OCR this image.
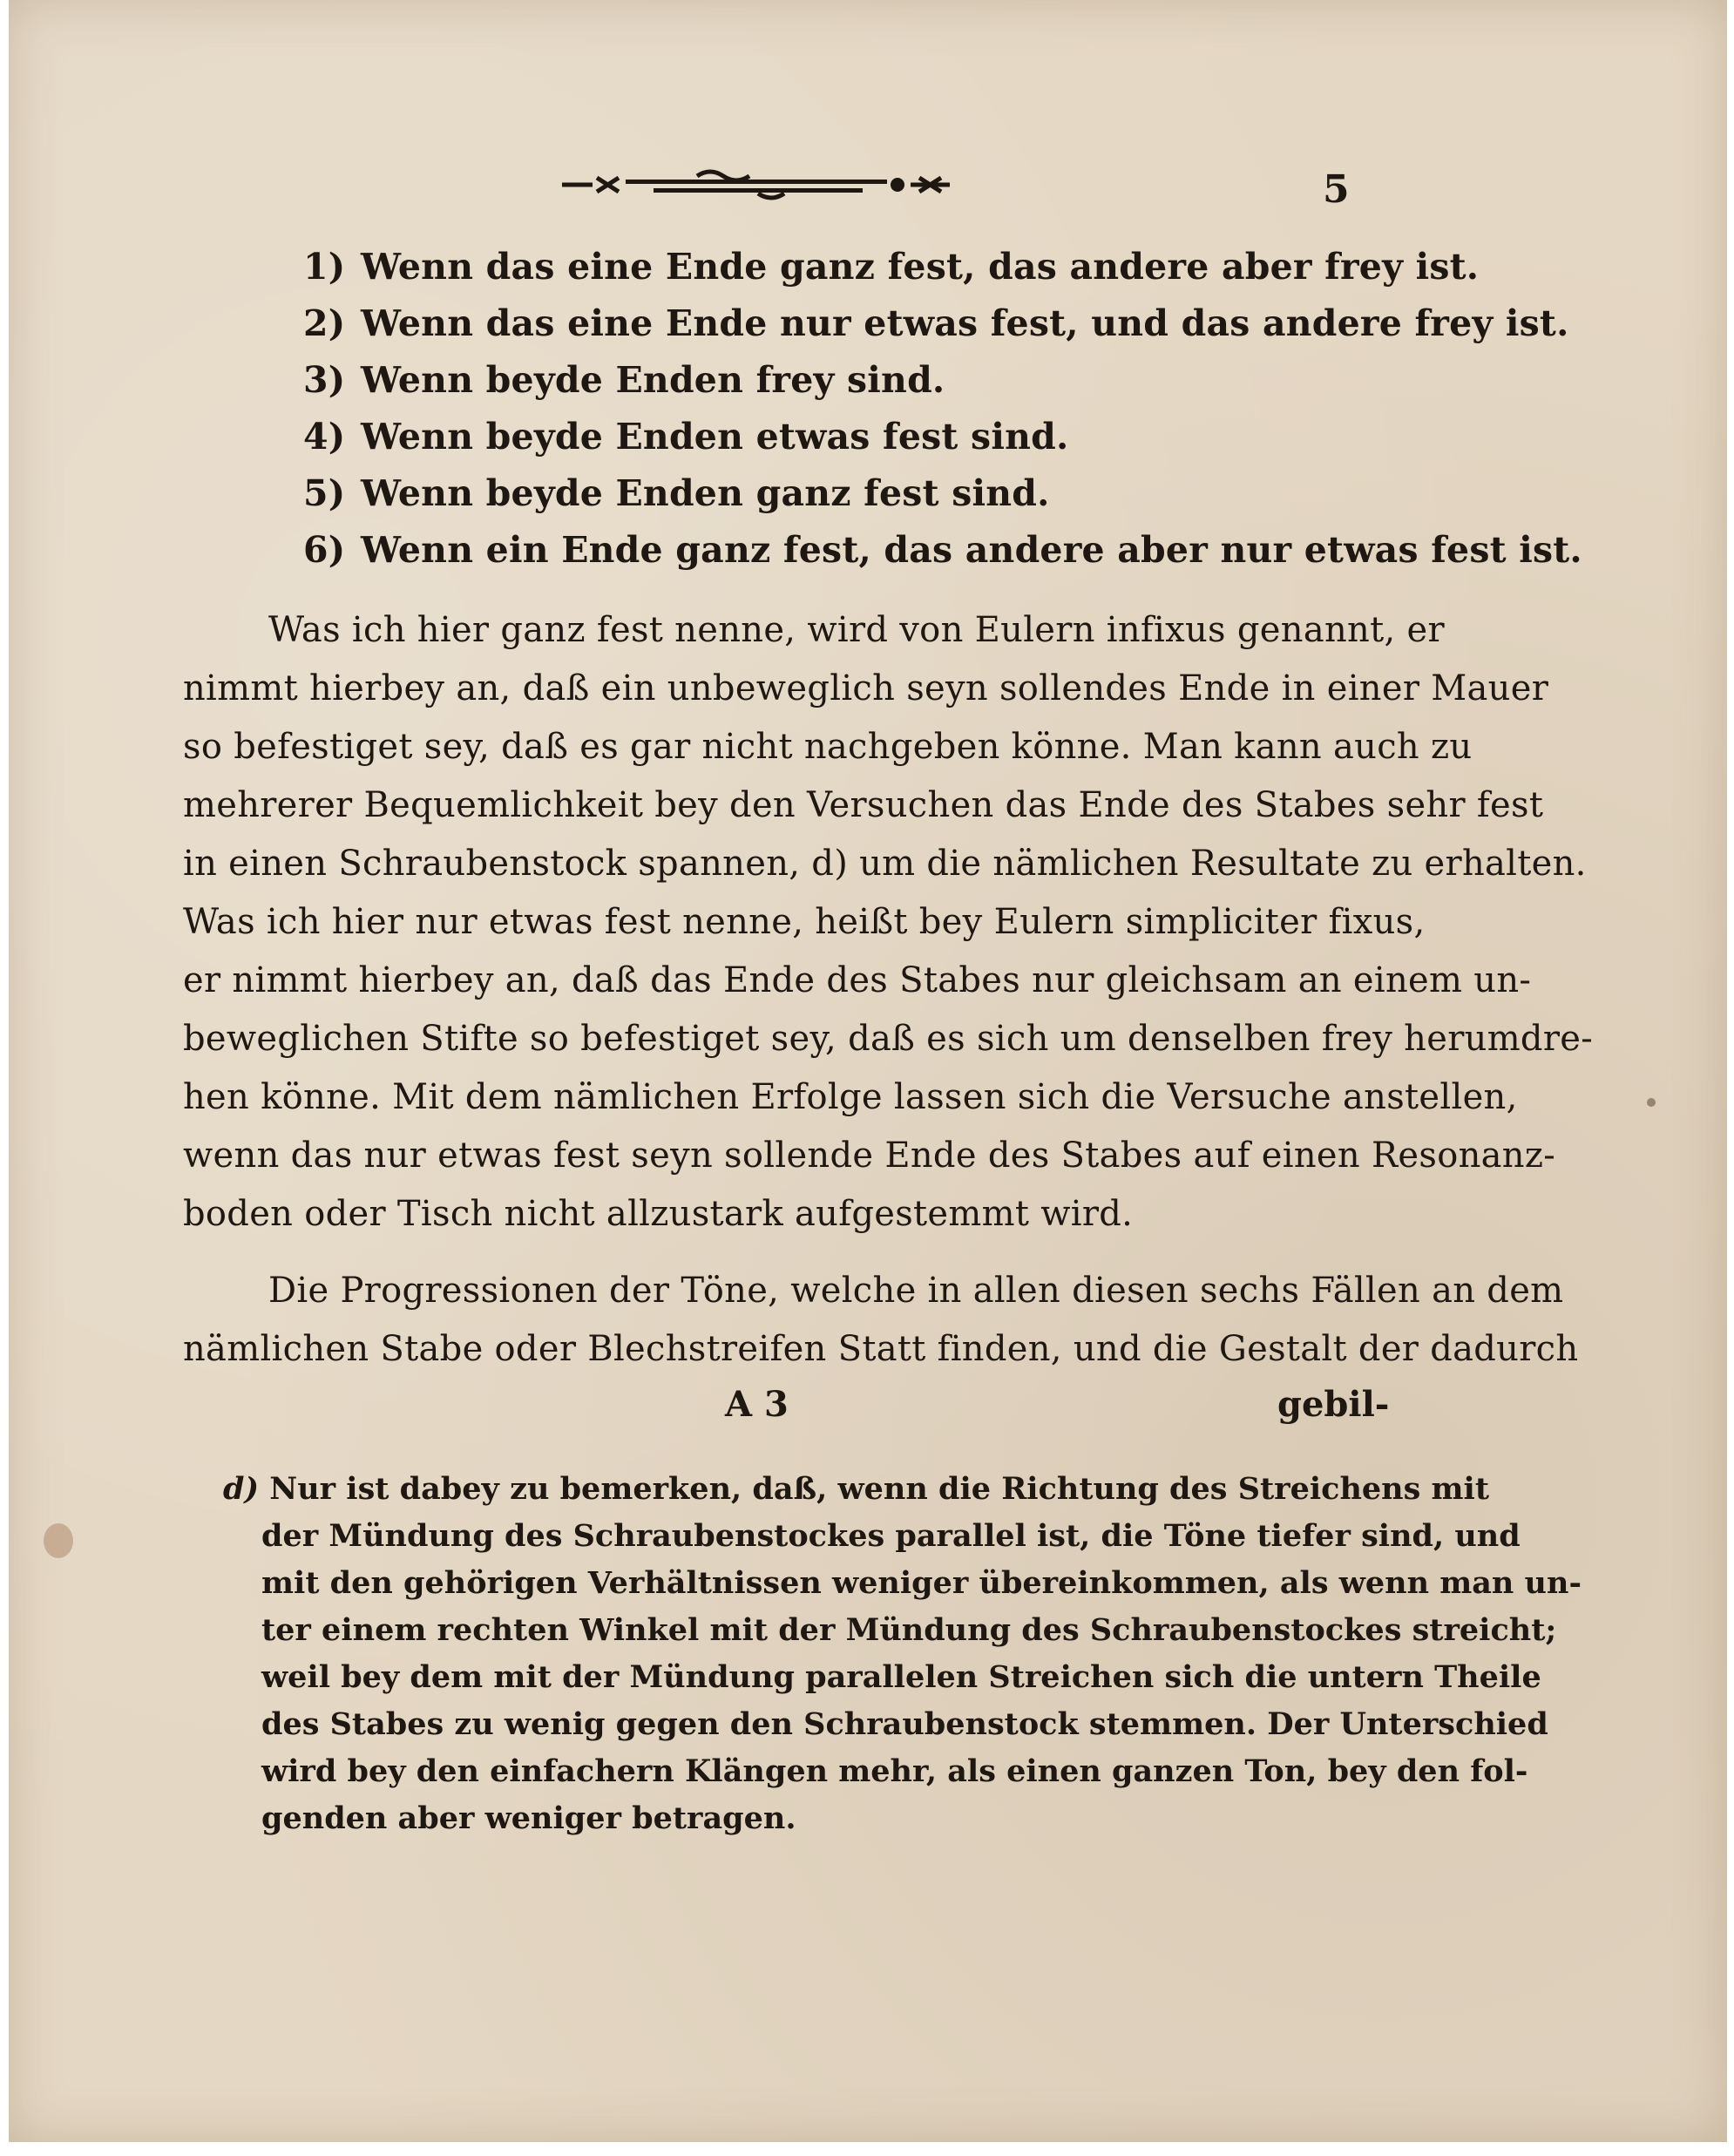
5
1) Wenn das eine Ende ganz fest, das andere aber frey ist.
2) Wenn das eine Ende nur etwas fest, und das andere frey ist.
3) Wenn beyde Enden frey sind.
4) Wenn beyde Enden etwas fest sind.
5) Wenn beyde Enden ganz fest sind.
6) Wenn ein Ende ganz fest, das andere aber nur etwas fest ist.
Was ich hier ganz fest nenne, wird von Eulern infixus genannt, er
nimmt hierbey an, daß ein unbeweglich seyn sollendes Ende in einer Mauer
so befestiget sey, daß es gar nicht nachgeben könne. Man kann auch zu
mehrerer Bequemlichkeit bey den Versuchen das Ende des Stabes sehr fest
in einen Schraubenstock spannen, d) um die nämlichen Resultate zu erhalten.
Was ich hier nur etwas fest nenne, heißt bey Eulern simpliciter fixus,
er nimmt hierbey an, daß das Ende des Stabes nur gleichsam an einem un-
beweglichen Stifte so befestiget sey, daß es sich um denselben frey herumdre-
hen könne. Mit dem nämlichen Erfolge lassen sich die Versuche anstellen,
wenn das nur etwas fest seyn sollende Ende des Stabes auf einen Resonanz-
boden oder Tisch nicht allzustark aufgestemmt wird.
Die Progressionen der Töne, welche in allen diesen sechs Fällen an dem
nämlichen Stabe oder Blechstreifen Statt finden, und die Gestalt der dadurch
A 3	gebil-
d) Nur ist dabey zu bemerken, daß, wenn die Richtung des Streichens mit
der Mündung des Schraubenstockes parallel ist, die Töne tiefer sind, und
mit den gehörigen Verhältnissen weniger übereinkommen, als wenn man un-
ter einem rechten Winkel mit der Mündung des Schraubenstockes streicht;
weil bey dem mit der Mündung parallelen Streichen sich die untern Theile
des Stabes zu wenig gegen den Schraubenstock stemmen. Der Unterschied
wird bey den einfachern Klängen mehr, als einen ganzen Ton, bey den fol-
genden aber weniger betragen.
